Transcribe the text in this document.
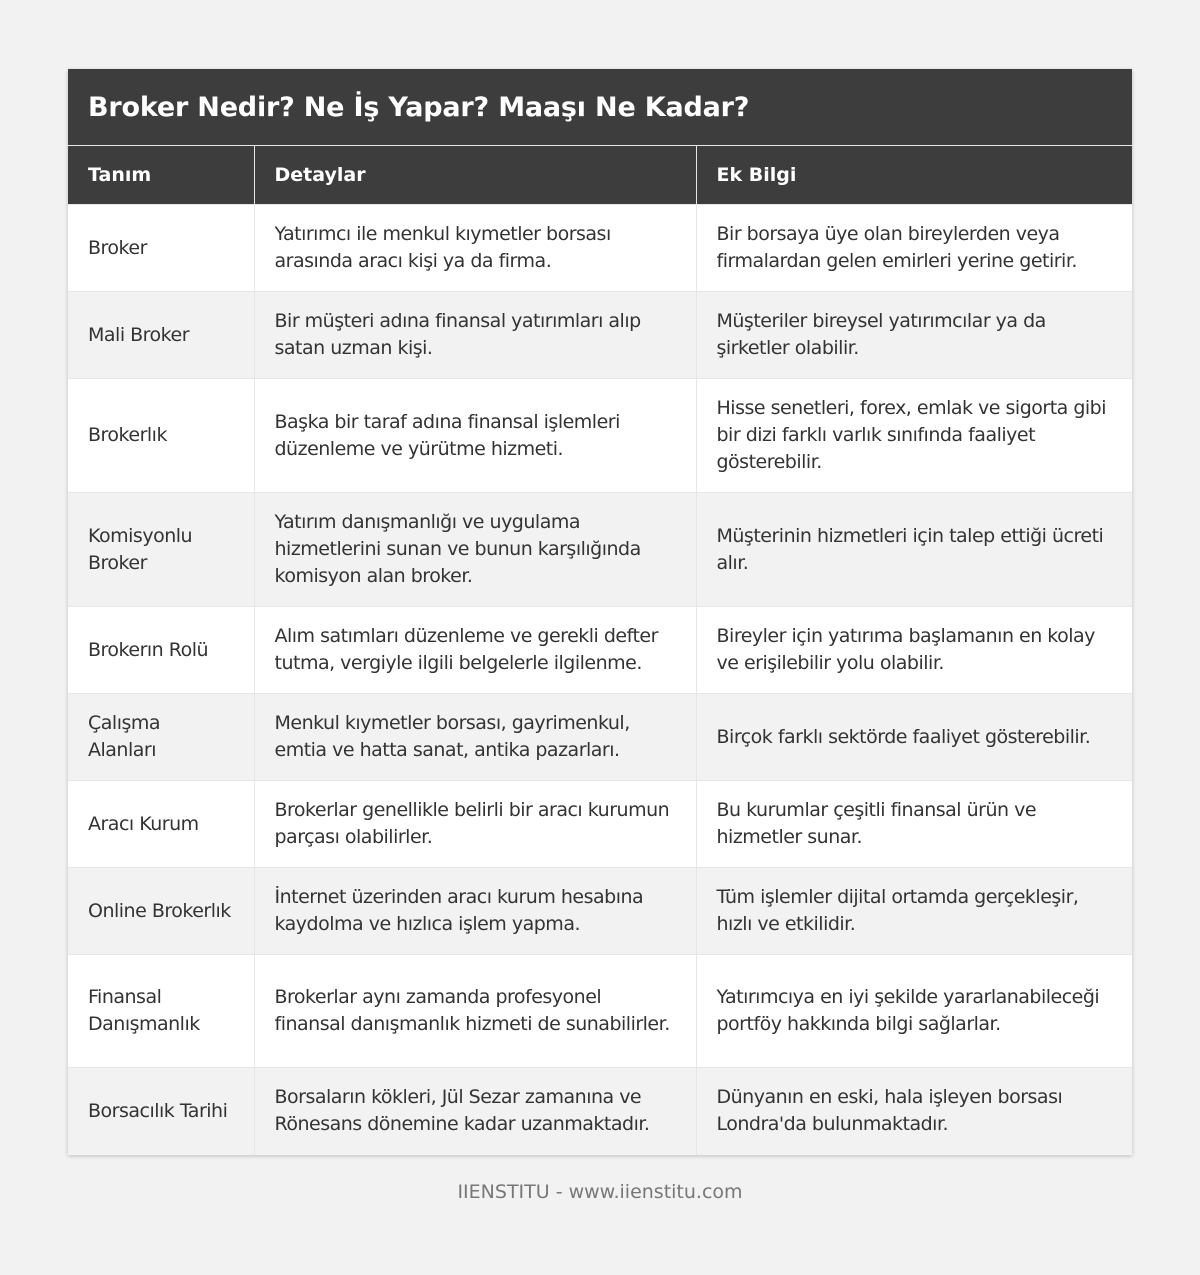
Broker Nedir? Ne İş Yapar? Maaşı Ne Kadar?
Tanım	Detaylar	Ek Bilgi
Broker	Yatırımcı ile menkul kıymetler borsası arasında aracı kişi ya da firma.	Bir borsaya üye olan bireylerden veya firmalardan gelen emirleri yerine getirir.
Mali Broker	Bir müşteri adına finansal yatırımları alıp satan uzman kişi.	Müşteriler bireysel yatırımcılar ya da şirketler olabilir.
Brokerlık	Başka bir taraf adına finansal işlemleri düzenleme ve yürütme hizmeti.	Hisse senetleri, forex, emlak ve sigorta gibi bir dizi farklı varlık sınıfında faaliyet gösterebilir.
Komisyonlu Broker	Yatırım danışmanlığı ve uygulama hizmetlerini sunan ve bunun karşılığında komisyon alan broker.	Müşterinin hizmetleri için talep ettiği ücreti alır.
Brokerın Rolü	Alım satımları düzenleme ve gerekli defter tutma, vergiyle ilgili belgelerle ilgilenme.	Bireyler için yatırıma başlamanın en kolay ve erişilebilir yolu olabilir.
Çalışma Alanları	Menkul kıymetler borsası, gayrimenkul, emtia ve hatta sanat, antika pazarları.	Birçok farklı sektörde faaliyet gösterebilir.
Aracı Kurum	Brokerlar genellikle belirli bir aracı kurumun parçası olabilirler.	Bu kurumlar çeşitli finansal ürün ve hizmetler sunar.
Online Brokerlık	İnternet üzerinden aracı kurum hesabına kaydolma ve hızlıca işlem yapma.	Tüm işlemler dijital ortamda gerçekleşir, hızlı ve etkilidir.
Finansal Danışmanlık	Brokerlar aynı zamanda profesyonel finansal danışmanlık hizmeti de sunabilirler.	Yatırımcıya en iyi şekilde yararlanabileceği portföy hakkında bilgi sağlarlar.
Borsacılık Tarihi	Borsaların kökleri, Jül Sezar zamanına ve Rönesans dönemine kadar uzanmaktadır.	Dünyanın en eski, hala işleyen borsası Londra'da bulunmaktadır.
IIENSTITU - www.iienstitu.com
